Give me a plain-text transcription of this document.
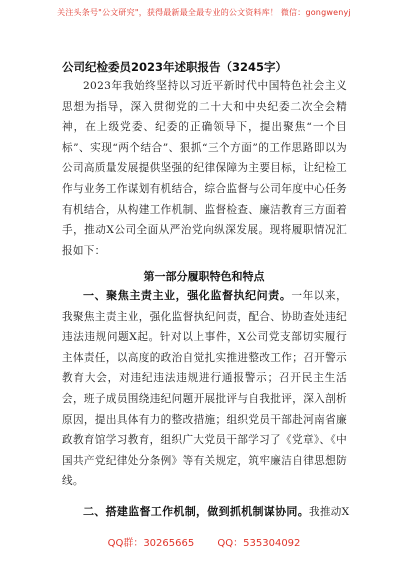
关注头条号"公文研究"，获得最新最全最专业的公文资料库！ 微信：gongwenyj
公司纪检委员2023年述职报告（3245字）
2023年我始终坚持以习近平新时代中国特色社会主义思想为指导，深入贯彻党的二十大和中央纪委二次全会精神，在上级党委、纪委的正确领导下，提出聚焦“一个目标”、实现“两个结合”、狠抓“三个方面”的工作思路即以为公司高质量发展提供坚强的纪律保障为主要目标，让纪检工作与业务工作谋划有机结合，综合监督与公司年度中心任务有机结合，从构建工作机制、监督检查、廉洁教育三方面着手，推动X公司全面从严治党向纵深发展。现将履职情况汇报如下：
第一部分履职特色和特点
一、聚焦主责主业，强化监督执纪问责。一年以来，我聚焦主责主业，强化监督执纪问责，配合、协助查处违纪违法违规问题X起。针对以上事件，X公司党支部切实履行主体责任，以高度的政治自觉扎实推进整改工作；召开警示教育大会，对违纪违法违规进行通报警示；召开民主生活会，班子成员围绕违纪问题开展批评与自我批评，深入剖析原因，提出具体有力的整改措施；组织党员干部赴河南省廉政教育馆学习教育，组织广大党员干部学习了《党章》、《中国共产党纪律处分条例》等有关规定，筑牢廉洁自律思想防线。
二、搭建监督工作机制，做到抓机制谋协同。我推动X
QQ群：30265665 QQ：535304092
